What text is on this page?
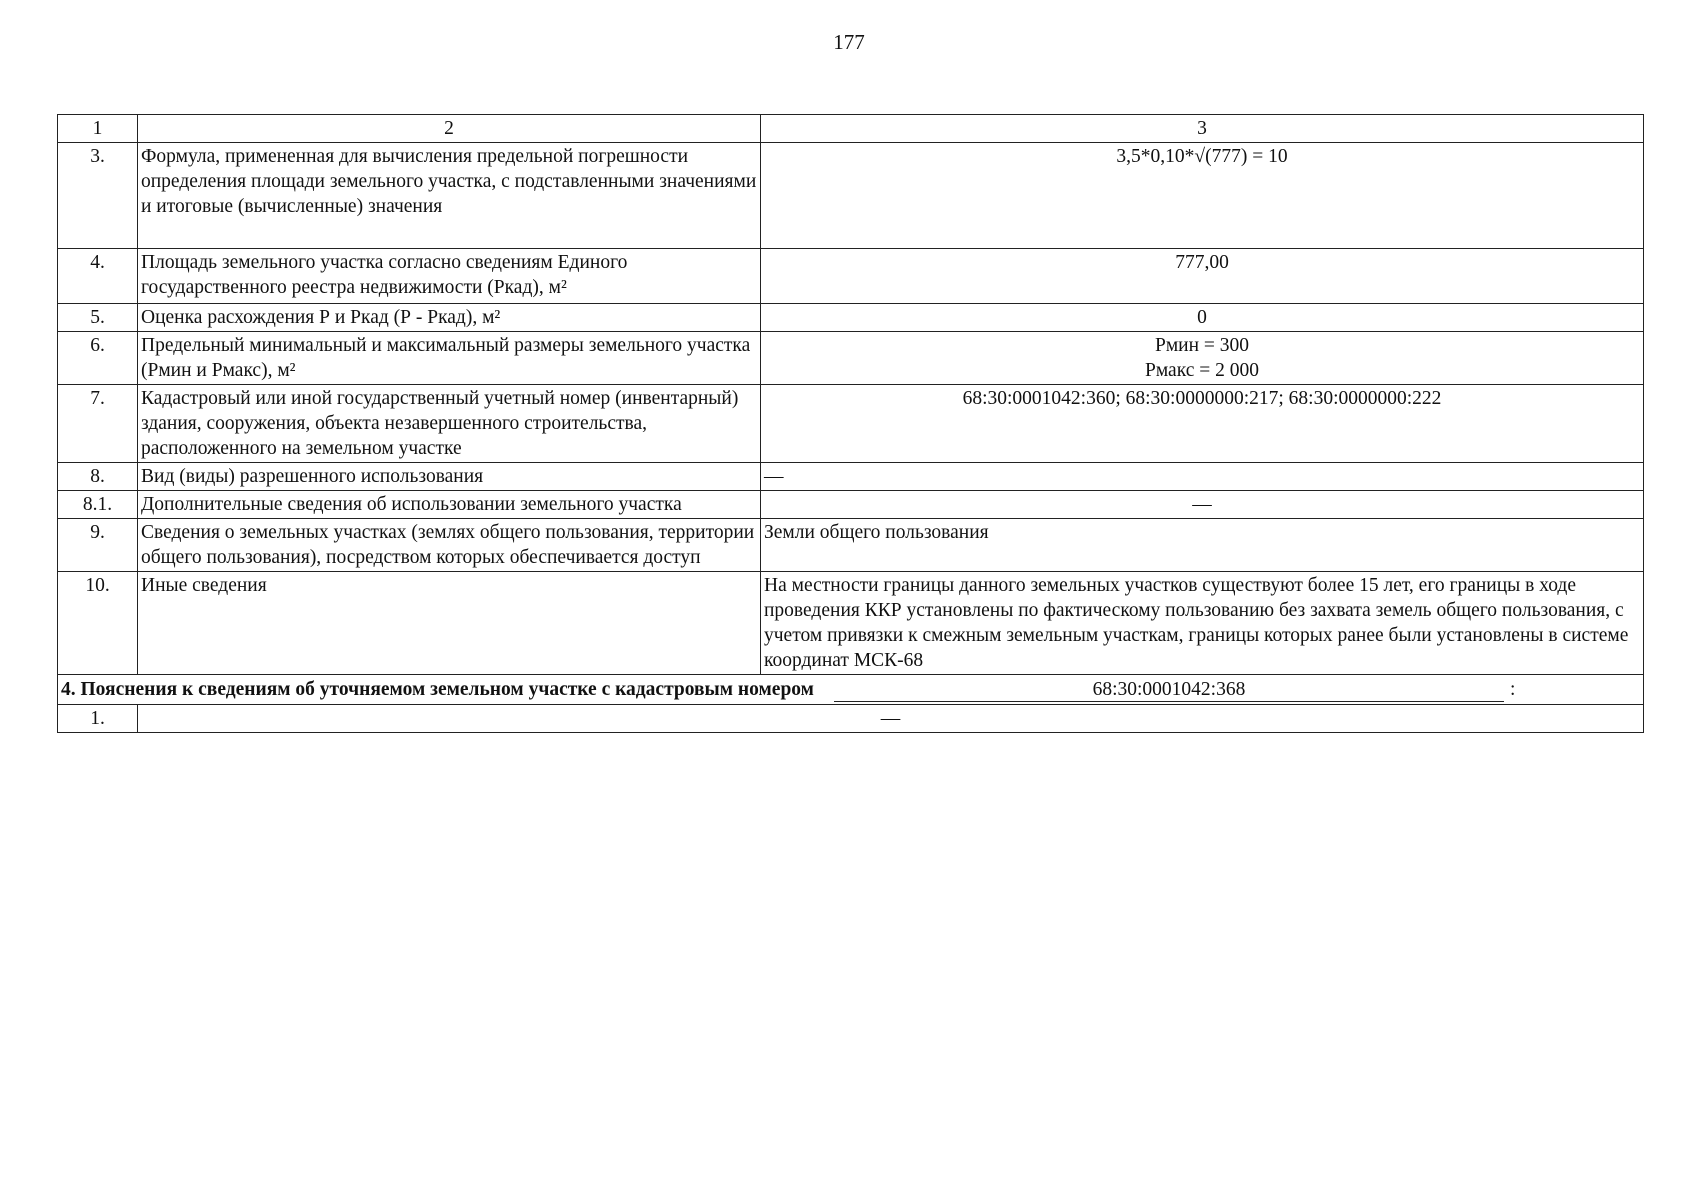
177
1	2	3
3.	Формула, примененная для вычисления предельной погрешности определения площади земельного участка, с подставленными значениями и итоговые (вычисленные) значения	3,5*0,10*√(777) = 10
4.	Площадь земельного участка согласно сведениям Единого государственного реестра недвижимости (Ркад), м²	777,00
5.	Оценка расхождения Р и Ркад (Р - Ркад), м²	0
6.	Предельный минимальный и максимальный размеры земельного участка (Рмин и Рмакс), м²	Рмин = 300
Рмакс = 2 000

7.	Кадастровый или иной государственный учетный номер (инвентарный) здания, сооружения, объекта незавершенного строительства, расположенного на земельном участке	68:30:0001042:360; 68:30:0000000:217; 68:30:0000000:222
8.	Вид (виды) разрешенного использования	—
8.1.	Дополнительные сведения об использовании земельного участка	—
9.	Сведения о земельных участках (землях общего пользования, территории общего пользования), посредством которых обеспечивается доступ	Земли общего пользования
10.	Иные сведения	На местности границы данного земельных участков существуют более 15 лет, его границы в ходе проведения ККР установлены по фактическому пользованию без захвата земель общего пользования, с учетом привязки к смежным земельным участкам, границы которых ранее были установлены в системе координат МСК-68

4. Пояснения к сведениям об уточняемом земельном участке с кадастровым номером 68:30:0001042:368 :		

1.	—	
